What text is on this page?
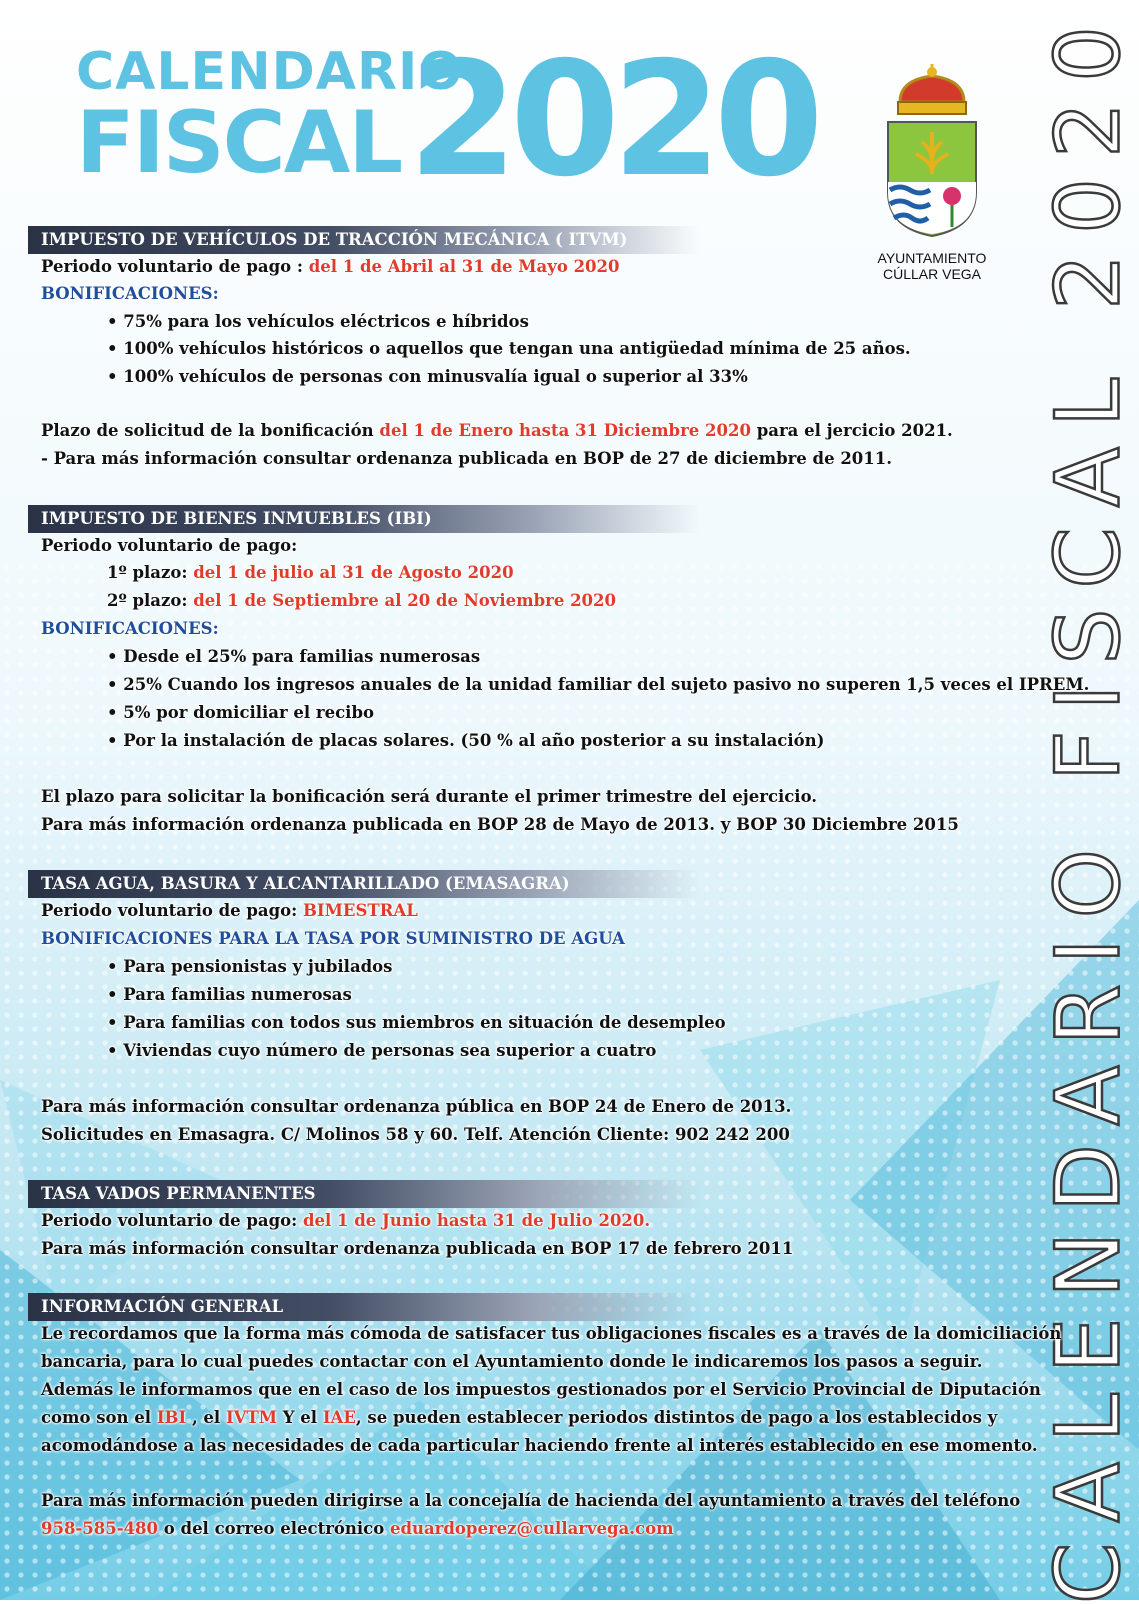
CALENDARIO
FISCAL 2020
AYUNTAMIENTO
CÚLLAR VEGA CALENDARIO FISCAL 2020
IMPUESTO DE VEHÍCULOS DE TRACCIÓN MECÁNICA ( ITVM)
Periodo voluntario de pago : del 1 de Abril al 31 de Mayo 2020
BONIFICACIONES:
• 75% para los vehículos eléctricos e híbridos
• 100% vehículos históricos o aquellos que tengan una antigüedad mínima de 25 años.
• 100% vehículos de personas con minusvalía igual o superior al 33%
Plazo de solicitud de la bonificación del 1 de Enero hasta 31 Diciembre 2020 para el jercicio 2021.
- Para más información consultar ordenanza publicada en BOP de 27 de diciembre de 2011.
IMPUESTO DE BIENES INMUEBLES (IBI)
Periodo voluntario de pago:
1º plazo: del 1 de julio al 31 de Agosto 2020
2º plazo: del 1 de Septiembre al 20 de Noviembre 2020
BONIFICACIONES:
• Desde el 25% para familias numerosas
• 25% Cuando los ingresos anuales de la unidad familiar del sujeto pasivo no superen 1,5 veces el IPREM.
• 5% por domiciliar el recibo
• Por la instalación de placas solares. (50 % al año posterior a su instalación)
El plazo para solicitar la bonificación será durante el primer trimestre del ejercicio.
Para más información ordenanza publicada en BOP 28 de Mayo de 2013. y BOP 30 Diciembre 2015
TASA AGUA, BASURA Y ALCANTARILLADO (EMASAGRA)
Periodo voluntario de pago: BIMESTRAL
BONIFICACIONES PARA LA TASA POR SUMINISTRO DE AGUA
• Para pensionistas y jubilados
• Para familias numerosas
• Para familias con todos sus miembros en situación de desempleo
• Viviendas cuyo número de personas sea superior a cuatro
Para más información consultar ordenanza pública en BOP 24 de Enero de 2013.
Solicitudes en Emasagra. C/ Molinos 58 y 60. Telf. Atención Cliente: 902 242 200
TASA VADOS PERMANENTES
Periodo voluntario de pago: del 1 de Junio hasta 31 de Julio 2020.
Para más información consultar ordenanza publicada en BOP 17 de febrero 2011
INFORMACIÓN GENERAL
Le recordamos que la forma más cómoda de satisfacer tus obligaciones fiscales es a través de la domiciliación
bancaria, para lo cual puedes contactar con el Ayuntamiento donde le indicaremos los pasos a seguir.
Además le informamos que en el caso de los impuestos gestionados por el Servicio Provincial de Diputación
como son el IBI , el IVTM Y el IAE, se pueden establecer periodos distintos de pago a los establecidos y
acomodándose a las necesidades de cada particular haciendo frente al interés establecido en ese momento.
Para más información pueden dirigirse a la concejalía de hacienda del ayuntamiento a través del teléfono
958-585-480 o del correo electrónico eduardoperez@cullarvega.com
